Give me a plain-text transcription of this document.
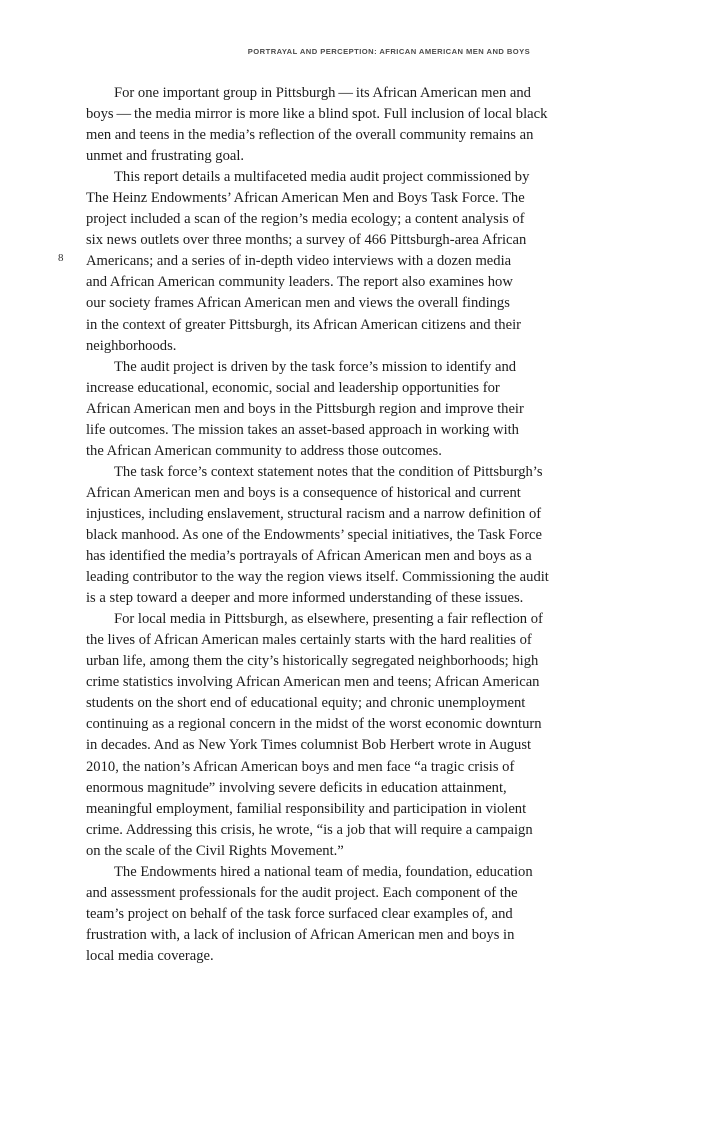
PORTRAYAL AND PERCEPTION: AFRICAN AMERICAN MEN AND BOYS
8
For one important group in Pittsburgh — its African American men and
boys — the media mirror is more like a blind spot. Full inclusion of local black
men and teens in the media’s reflection of the overall community remains an
unmet and frustrating goal.
This report details a multifaceted media audit project commissioned by
The Heinz Endowments’ African American Men and Boys Task Force. The
project included a scan of the region’s media ecology; a content analysis of
six news outlets over three months; a survey of 466 Pittsburgh-area African
Americans; and a series of in-depth video interviews with a dozen media
and African American community leaders. The report also examines how
our society frames African American men and views the overall findings
in the context of greater Pittsburgh, its African American citizens and their
neighborhoods.
The audit project is driven by the task force’s mission to identify and
increase educational, economic, social and leadership opportunities for
African American men and boys in the Pittsburgh region and improve their
life outcomes. The mission takes an asset-based approach in working with
the African American community to address those outcomes.
The task force’s context statement notes that the condition of Pittsburgh’s
African American men and boys is a consequence of historical and current
injustices, including enslavement, structural racism and a narrow definition of
black manhood. As one of the Endowments’ special initiatives, the Task Force
has identified the media’s portrayals of African American men and boys as a
leading contributor to the way the region views itself. Commissioning the audit
is a step toward a deeper and more informed understanding of these issues.
For local media in Pittsburgh, as elsewhere, presenting a fair reflection of
the lives of African American males certainly starts with the hard realities of
urban life, among them the city’s historically segregated neighborhoods; high
crime statistics involving African American men and teens; African American
students on the short end of educational equity; and chronic unemployment
continuing as a regional concern in the midst of the worst economic downturn
in decades. And as New York Times columnist Bob Herbert wrote in August
2010, the nation’s African American boys and men face “a tragic crisis of
enormous magnitude” involving severe deficits in education attainment,
meaningful employment, familial responsibility and participation in violent
crime. Addressing this crisis, he wrote, “is a job that will require a campaign
on the scale of the Civil Rights Movement.”
The Endowments hired a national team of media, foundation, education
and assessment professionals for the audit project. Each component of the
team’s project on behalf of the task force surfaced clear examples of, and
frustration with, a lack of inclusion of African American men and boys in
local media coverage.
